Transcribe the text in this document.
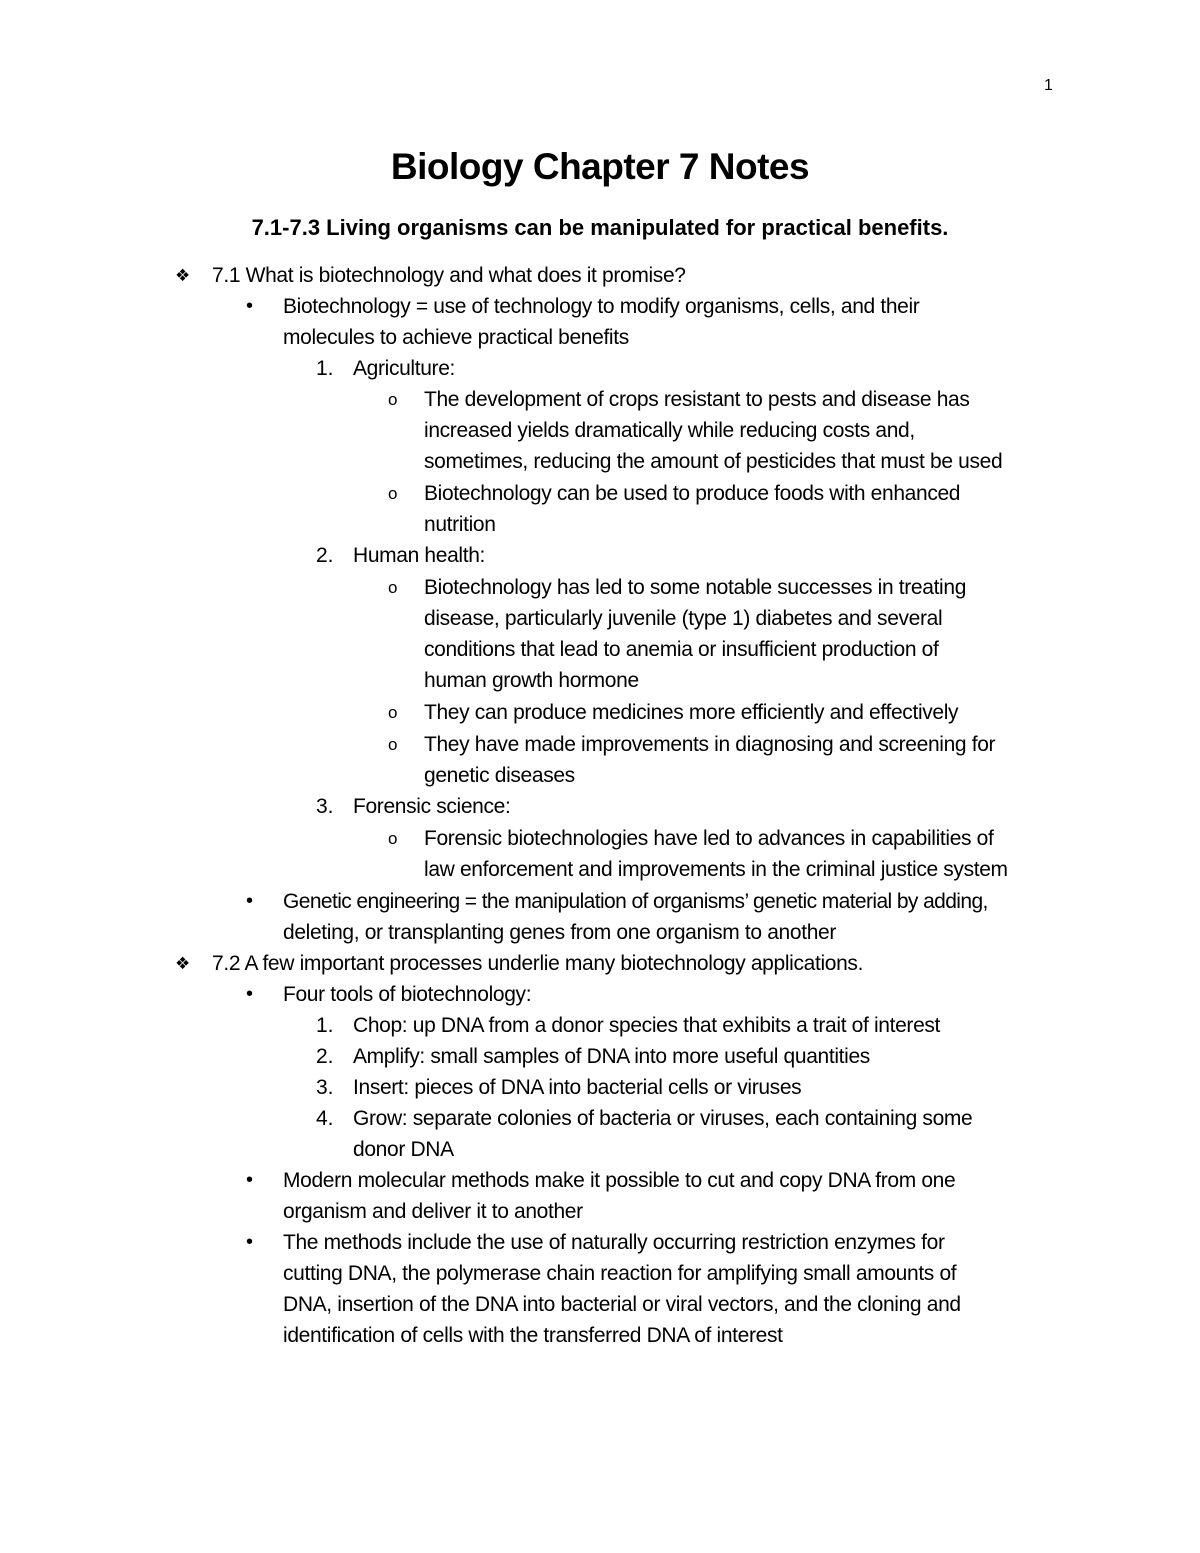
1
Biology Chapter 7 Notes
7.1-7.3 Living organisms can be manipulated for practical benefits.
❖ 7.1 What is biotechnology and what does it promise?
• Biotechnology = use of technology to modify organisms, cells, and their
molecules to achieve practical benefits
1. Agriculture:
o The development of crops resistant to pests and disease has
increased yields dramatically while reducing costs and,
sometimes, reducing the amount of pesticides that must be used
o Biotechnology can be used to produce foods with enhanced
nutrition
2. Human health:
o Biotechnology has led to some notable successes in treating
disease, particularly juvenile (type 1) diabetes and several
conditions that lead to anemia or insufficient production of
human growth hormone
o They can produce medicines more efficiently and effectively
o They have made improvements in diagnosing and screening for
genetic diseases
3. Forensic science:
o Forensic biotechnologies have led to advances in capabilities of
law enforcement and improvements in the criminal justice system
• Genetic engineering = the manipulation of organisms’ genetic material by adding,
deleting, or transplanting genes from one organism to another
❖ 7.2 A few important processes underlie many biotechnology applications.
• Four tools of biotechnology:
1. Chop: up DNA from a donor species that exhibits a trait of interest
2. Amplify: small samples of DNA into more useful quantities
3. Insert: pieces of DNA into bacterial cells or viruses
4. Grow: separate colonies of bacteria or viruses, each containing some
donor DNA
• Modern molecular methods make it possible to cut and copy DNA from one
organism and deliver it to another
• The methods include the use of naturally occurring restriction enzymes for
cutting DNA, the polymerase chain reaction for amplifying small amounts of
DNA, insertion of the DNA into bacterial or viral vectors, and the cloning and
identification of cells with the transferred DNA of interest
